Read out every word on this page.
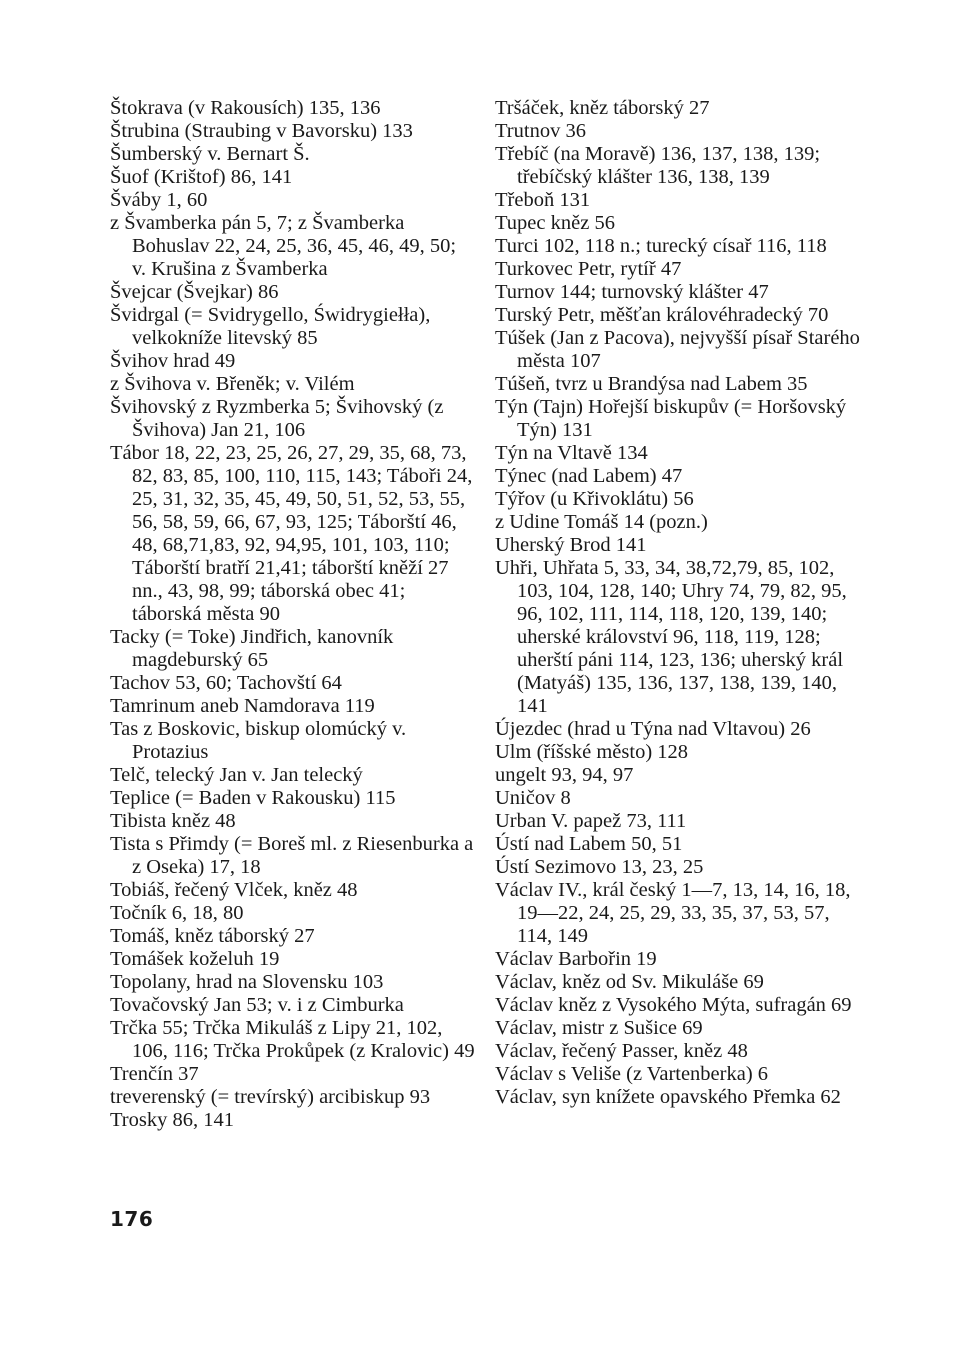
Štokrava (v Rakousích) 135, 136

Štrubina (Straubing v Bavorsku) 133

Šumberský v. Bernart Š.

Šuof (Krištof) 86, 141

Šváby 1, 60

z Švamberka pán 5, 7; z Švamberka Bohuslav 22, 24, 25, 36, 45, 46, 49, 50; v. Krušina z Švamberka

Švejcar (Švejkar) 86

Švidrgal (= Svidrygello, Świdrygiełła), velkokníže litevský 85

Švihov hrad 49

z Švihova v. Břeněk; v. Vilém

Švihovský z Ryzmberka 5; Švihovský (z Švihova) Jan 21, 106

Tábor 18, 22, 23, 25, 26, 27, 29, 35, 68, 73, 82, 83, 85, 100, 110, 115, 143; Táboři 24, 25, 31, 32, 35, 45, 49, 50, 51, 52, 53, 55, 56, 58, 59, 66, 67, 93, 125; Táborští 46, 48, 68,71,83, 92, 94,95, 101, 103, 110; Táborští bratří 21,41; táborští kněží 27 nn., 43, 98, 99; táborská obec 41; táborská města 90

Tacky (= Toke) Jindřich, kanovník magdeburský 65

Tachov 53, 60; Tachovští 64

Tamrinum aneb Namdorava 119

Tas z Boskovic, biskup olomúcký v. Protazius

Telč, telecký Jan v. Jan telecký

Teplice (= Baden v Rakousku) 115

Tibista kněz 48

Tista s Přimdy (= Boreš ml. z Riesenburka a z Oseka) 17, 18

Tobiáš, řečený Vlček, kněz 48

Točník 6, 18, 80

Tomáš, kněz táborský 27

Tomášek koželuh 19

Topolany, hrad na Slovensku 103

Tovačovský Jan 53; v. i z Cimburka

Trčka 55; Trčka Mikuláš z Lipy 21, 102, 106, 116; Trčka Prokůpek (z Kralovic) 49

Trenčín 37

treverenský (= trevírský) arcibiskup 93

Trosky 86, 141

Tršáček, kněz táborský 27

Trutnov 36

Třebíč (na Moravě) 136, 137, 138, 139; třebíčský klášter 136, 138, 139

Třeboň 131

Tupec kněz 56

Turci 102, 118 n.; turecký císař 116, 118

Turkovec Petr, rytíř 47

Turnov 144; turnovský klášter 47

Turský Petr, měšťan královéhradecký 70

Túšek (Jan z Pacova), nejvyšší písař Starého města 107

Túšeň, tvrz u Brandýsa nad Labem 35

Týn (Tajn) Hořejší biskupův (= Horšovský Týn) 131

Týn na Vltavě 134

Týnec (nad Labem) 47

Týřov (u Křivoklátu) 56

z Udine Tomáš 14 (pozn.)

Uherský Brod 141

Uhři, Uhřata 5, 33, 34, 38,72,79, 85, 102, 103, 104, 128, 140; Uhry 74, 79, 82, 95, 96, 102, 111, 114, 118, 120, 139, 140; uherské království 96, 118, 119, 128; uherští páni 114, 123, 136; uherský král (Matyáš) 135, 136, 137, 138, 139, 140, 141

Újezdec (hrad u Týna nad Vltavou) 26

Ulm (říšské město) 128

ungelt 93, 94, 97

Uničov 8

Urban V. papež 73, 111

Ústí nad Labem 50, 51

Ústí Sezimovo 13, 23, 25

Václav IV., král český 1—7, 13, 14, 16, 18, 19—22, 24, 25, 29, 33, 35, 37, 53, 57, 114, 149

Václav Barbořin 19

Václav, kněz od Sv. Mikuláše 69

Václav kněz z Vysokého Mýta, sufragán 69

Václav, mistr z Sušice 69

Václav, řečený Passer, kněz 48

Václav s Veliše (z Vartenberka) 6

Václav, syn knížete opavského Přemka 62

176
